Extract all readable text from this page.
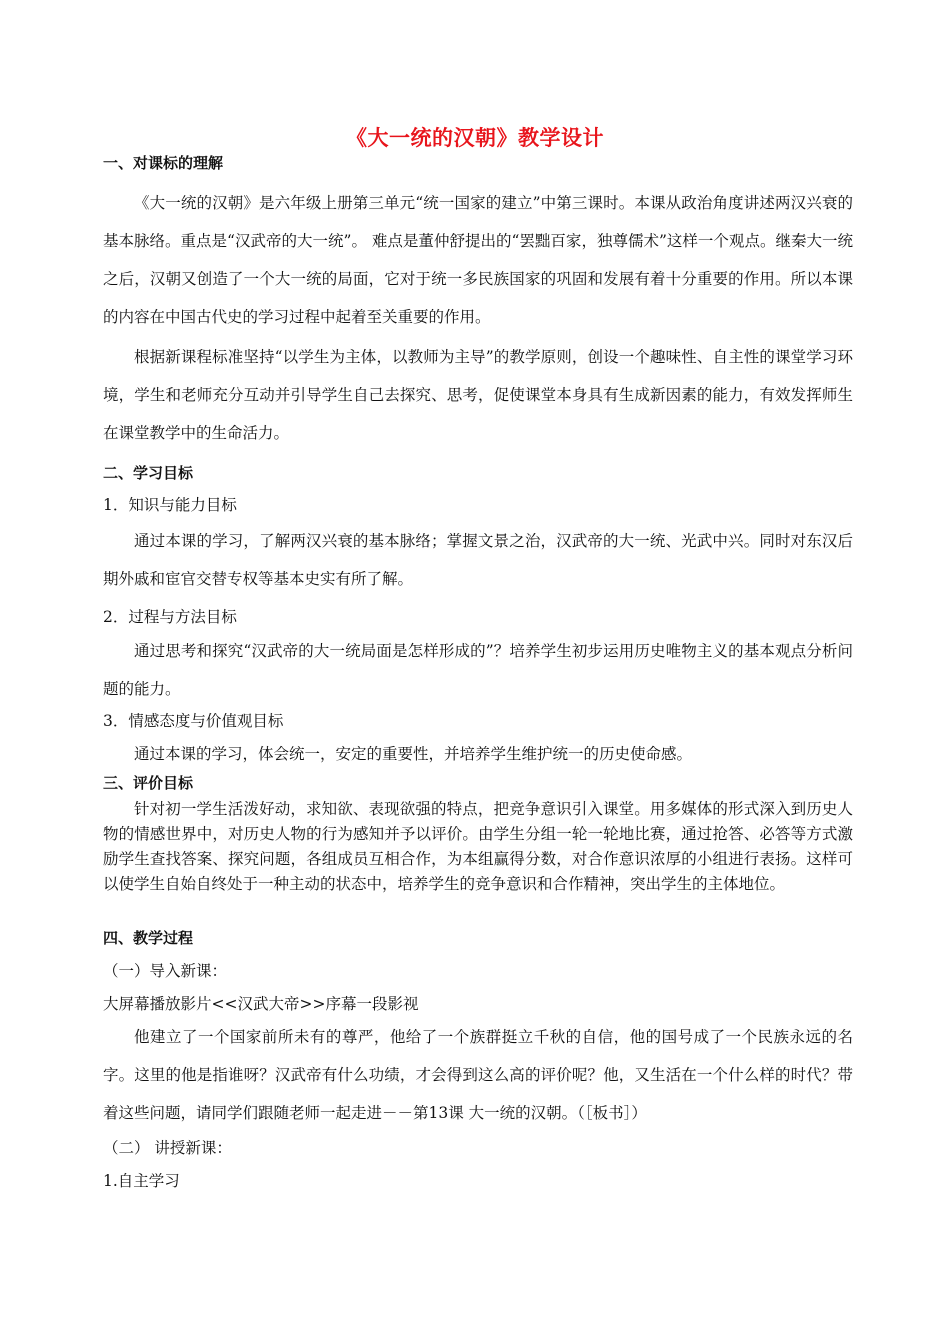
《大一统的汉朝》教学设计
一、对课标的理解

《大一统的汉朝》是六年级上册第三单元“统一国家的建立”中第三课时。本课从政治角度讲述两汉兴衰的基本脉络。重点是“汉武帝的大一统”。 难点是董仲舒提出的“罢黜百家，独尊儒术”这样一个观点。继秦大一统之后，汉朝又创造了一个大一统的局面，它对于统一多民族国家的巩固和发展有着十分重要的作用。所以本课的内容在中国古代史的学习过程中起着至关重要的作用。

根据新课程标准坚持“以学生为主体，以教师为主导”的教学原则，创设一个趣味性、自主性的课堂学习环境，学生和老师充分互动并引导学生自己去探究、思考，促使课堂本身具有生成新因素的能力，有效发挥师生在课堂教学中的生命活力。

二、学习目标
1．知识与能力目标

通过本课的学习，了解两汉兴衰的基本脉络；掌握文景之治，汉武帝的大一统、光武中兴。同时对东汉后期外戚和宦官交替专权等基本史实有所了解。

2．过程与方法目标

通过思考和探究“汉武帝的大一统局面是怎样形成的”？培养学生初步运用历史唯物主义的基本观点分析问题的能力。

3．情感态度与价值观目标

通过本课的学习，体会统一，安定的重要性，并培养学生维护统一的历史使命感。

三、评价目标

针对初一学生活泼好动，求知欲、表现欲强的特点，把竞争意识引入课堂。用多媒体的形式深入到历史人物的情感世界中，对历史人物的行为感知并予以评价。由学生分组一轮一轮地比赛，通过抢答、必答等方式激励学生查找答案、探究问题，各组成员互相合作，为本组赢得分数，对合作意识浓厚的小组进行表扬。这样可以使学生自始自终处于一种主动的状态中，培养学生的竞争意识和合作精神，突出学生的主体地位。

四、教学过程
（一）导入新课：
大屏幕播放影片<<汉武大帝>>序幕一段影视

他建立了一个国家前所未有的尊严，他给了一个族群挺立千秋的自信，他的国号成了一个民族永远的名字。这里的他是指谁呀？汉武帝有什么功绩，才会得到这么高的评价呢？他，又生活在一个什么样的时代？带着这些问题，请同学们跟随老师一起走进－－第13课 大一统的汉朝。（［板书］）

（二） 讲授新课：
1.自主学习
